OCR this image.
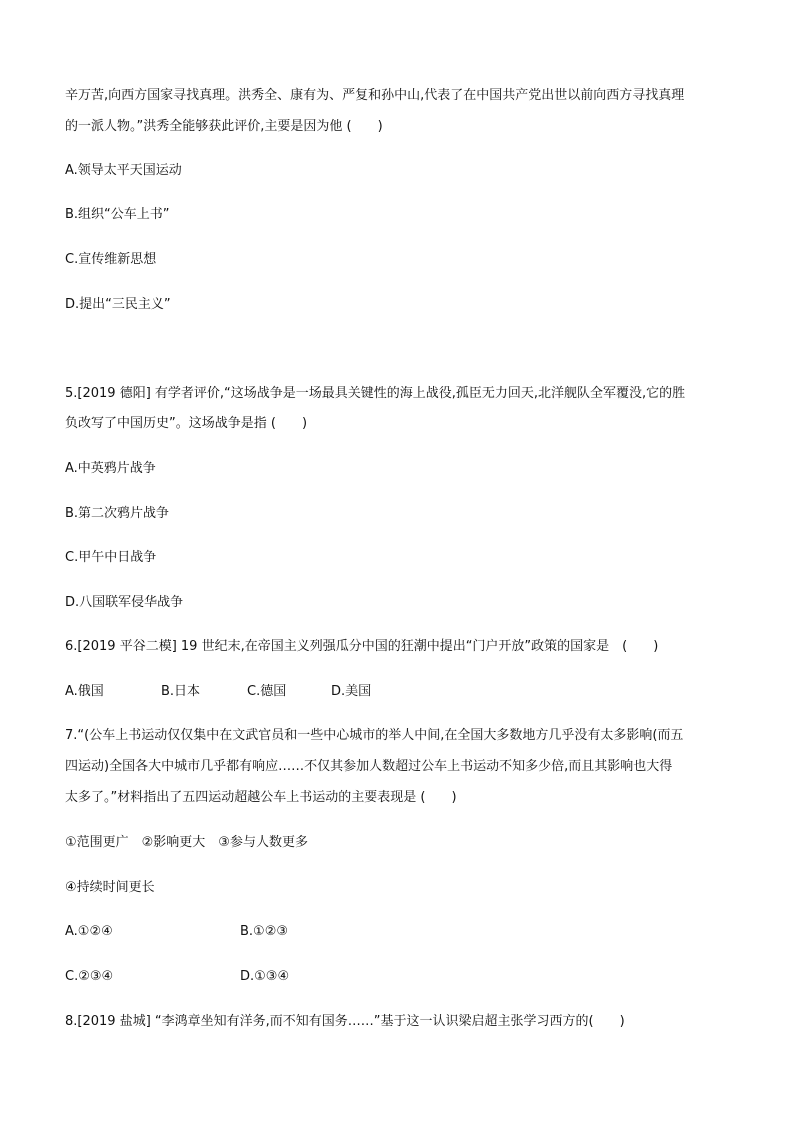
辛万苦,向西方国家寻找真理。洪秀全、康有为、严复和孙中山,代表了在中国共产党出世以前向西方寻找真理
的一派人物。”洪秀全能够获此评价,主要是因为他 (　　)
A.领导太平天国运动
B.组织“公车上书”
C.宣传维新思想
D.提出“三民主义”
5.[2019 德阳] 有学者评价,“这场战争是一场最具关键性的海上战役,孤臣无力回天,北洋舰队全军覆没,它的胜
负改写了中国历史”。这场战争是指 (　　)
A.中英鸦片战争
B.第二次鸦片战争
C.甲午中日战争
D.八国联军侵华战争
6.[2019 平谷二模] 19 世纪末,在帝国主义列强瓜分中国的狂潮中提出“门户开放”政策的国家是　(　　)
A.俄国	B.日本	C.德国	D.美国
7.“(公车上书运动仅仅集中在文武官员和一些中心城市的举人中间,在全国大多数地方几乎没有太多影响(而五
四运动)全国各大中城市几乎都有响应……不仅其参加人数超过公车上书运动不知多少倍,而且其影响也大得
太多了。”材料指出了五四运动超越公车上书运动的主要表现是 (　　)
①范围更广　②影响更大　③参与人数更多
④持续时间更长
A.①②④	B.①②③
C.②③④	D.①③④
8.[2019 盐城] “李鸿章坐知有洋务,而不知有国务……”基于这一认识梁启超主张学习西方的(　　)
